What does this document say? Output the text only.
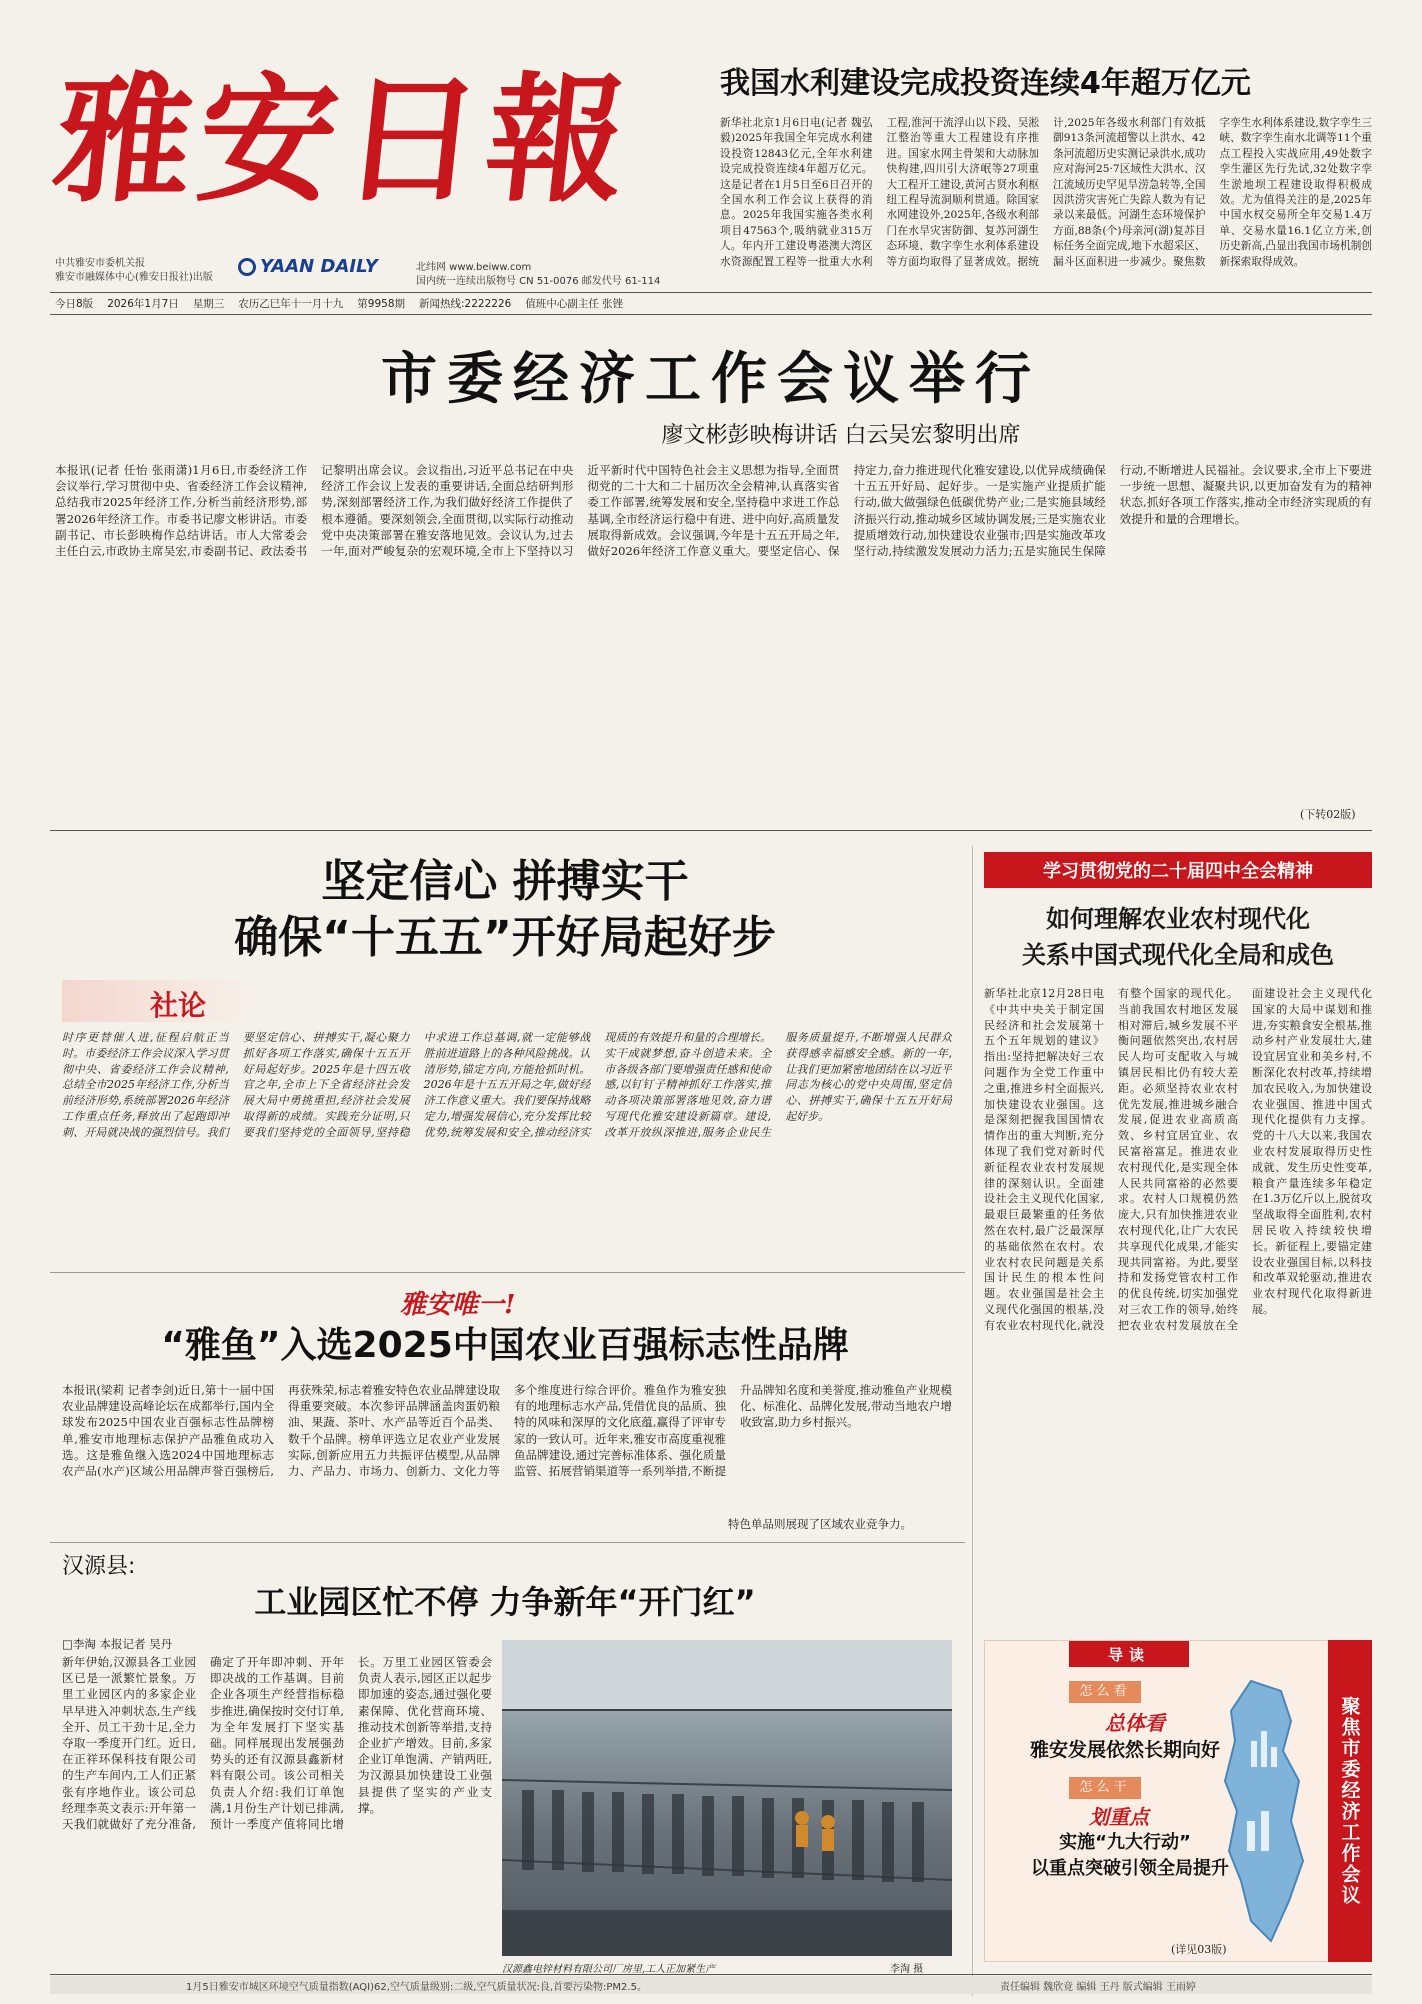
雅安日報
中共雅安市委机关报
雅安市融媒体中心(雅安日报社)出版
YAAN DAILY	北纬网 www.beiww.com
国内统一连续出版物号 CN 51-0076 邮发代号 61-114
今日8版 2026年1月7日 星期三 农历乙巳年十一月十九 第9958期 新闻热线:2222226 值班中心副主任 张锉
我国水利建设完成投资连续4年超万亿元
新华社北京1月6日电(记者 魏弘毅)2025年我国全年完成水利建设投资12843亿元,全年水利建设完成投资连续4年超万亿元。这是记者在1月5日至6日召开的全国水利工作会议上获得的消息。2025年我国实施各类水利项目47563个,吸纳就业315万人。年内开工建设粤港澳大湾区水资源配置工程等一批重大水利工程,淮河干流浮山以下段、吴淞江整治等重大工程建设有序推进。国家水网主骨架和大动脉加快构建,四川引大济岷等27项重大工程开工建设,黄河古贤水利枢纽工程导流洞顺利贯通。除国家水网建设外,2025年,各级水利部门在水旱灾害防御、复苏河湖生态环境、数字孪生水利体系建设等方面均取得了显著成效。据统计,2025年各级水利部门有效抵御913条河流超警以上洪水、42条河流超历史实测记录洪水,成功应对海河25·7区域性大洪水、汉江流域历史罕见旱涝急转等,全国因洪涝灾害死亡失踪人数为有记录以来最低。河湖生态环境保护方面,88条(个)母亲河(湖)复苏目标任务全面完成,地下水超采区、漏斗区面积进一步减少。聚焦数字孪生水利体系建设,数字孪生三峡、数字孪生南水北调等11个重点工程投入实战应用,49处数字孪生灌区先行先试,32处数字孪生淤地坝工程建设取得积极成效。尤为值得关注的是,2025年中国水权交易所全年交易1.4万单、交易水量16.1亿立方米,创历史新高,凸显出我国市场机制创新探索取得成效。
市委经济工作会议举行
廖文彬彭映梅讲话 白云吴宏黎明出席
本报讯(记者 任怡 张雨潇)1月6日,市委经济工作会议举行,学习贯彻中央、省委经济工作会议精神,总结我市2025年经济工作,分析当前经济形势,部署2026年经济工作。市委书记廖文彬讲话。市委副书记、市长彭映梅作总结讲话。市人大常委会主任白云,市政协主席吴宏,市委副书记、政法委书记黎明出席会议。会议指出,习近平总书记在中央经济工作会议上发表的重要讲话,全面总结研判形势,深刻部署经济工作,为我们做好经济工作提供了根本遵循。要深刻领会,全面贯彻,以实际行动推动党中央决策部署在雅安落地见效。会议认为,过去一年,面对严峻复杂的宏观环境,全市上下坚持以习近平新时代中国特色社会主义思想为指导,全面贯彻党的二十大和二十届历次全会精神,认真落实省委工作部署,统筹发展和安全,坚持稳中求进工作总基调,全市经济运行稳中有进、进中向好,高质量发展取得新成效。会议强调,今年是十五五开局之年,做好2026年经济工作意义重大。要坚定信心、保持定力,奋力推进现代化雅安建设,以优异成绩确保十五五开好局、起好步。一是实施产业提质扩能行动,做大做强绿色低碳优势产业;二是实施县域经济振兴行动,推动城乡区域协调发展;三是实施农业提质增效行动,加快建设农业强市;四是实施改革攻坚行动,持续激发发展动力活力;五是实施民生保障行动,不断增进人民福祉。会议要求,全市上下要进一步统一思想、凝聚共识,以更加奋发有为的精神状态,抓好各项工作落实,推动全市经济实现质的有效提升和量的合理增长。
(下转02版)
坚定信心 拼搏实干
确保“十五五”开好局起好步
社论
时序更替催人进,征程启航正当时。市委经济工作会议深入学习贯彻中央、省委经济工作会议精神,总结全市2025年经济工作,分析当前经济形势,系统部署2026年经济工作重点任务,释放出了起跑即冲刺、开局就决战的强烈信号。我们要坚定信心、拼搏实干,凝心聚力抓好各项工作落实,确保十五五开好局起好步。2025年是十四五收官之年,全市上下全省经济社会发展大局中勇挑重担,经济社会发展取得新的成绩。实践充分证明,只要我们坚持党的全面领导,坚持稳中求进工作总基调,就一定能够战胜前进道路上的各种风险挑战。认清形势,锚定方向,方能抢抓时机。2026年是十五五开局之年,做好经济工作意义重大。我们要保持战略定力,增强发展信心,充分发挥比较优势,统筹发展和安全,推动经济实现质的有效提升和量的合理增长。实干成就梦想,奋斗创造未来。全市各级各部门要增强责任感和使命感,以钉钉子精神抓好工作落实,推动各项决策部署落地见效,奋力谱写现代化雅安建设新篇章。建设,改革开放纵深推进,服务企业民生服务质量提升,不断增强人民群众获得感幸福感安全感。新的一年,让我们更加紧密地团结在以习近平同志为核心的党中央周围,坚定信心、拼搏实干,确保十五五开好局起好步。
学习贯彻党的二十届四中全会精神
如何理解农业农村现代化
关系中国式现代化全局和成色
新华社北京12月28日电《中共中央关于制定国民经济和社会发展第十五个五年规划的建议》指出:坚持把解决好三农问题作为全党工作重中之重,推进乡村全面振兴,加快建设农业强国。这是深刻把握我国国情农情作出的重大判断,充分体现了我们党对新时代新征程农业农村发展规律的深刻认识。全面建设社会主义现代化国家,最艰巨最繁重的任务依然在农村,最广泛最深厚的基础依然在农村。农业农村农民问题是关系国计民生的根本性问题。农业强国是社会主义现代化强国的根基,没有农业农村现代化,就没有整个国家的现代化。当前我国农村地区发展相对滞后,城乡发展不平衡问题依然突出,农村居民人均可支配收入与城镇居民相比仍有较大差距。必须坚持农业农村优先发展,推进城乡融合发展,促进农业高质高效、乡村宜居宜业、农民富裕富足。推进农业农村现代化,是实现全体人民共同富裕的必然要求。农村人口规模仍然庞大,只有加快推进农业农村现代化,让广大农民共享现代化成果,才能实现共同富裕。为此,要坚持和发扬党管农村工作的优良传统,切实加强党对三农工作的领导,始终把农业农村发展放在全面建设社会主义现代化国家的大局中谋划和推进,夯实粮食安全根基,推动乡村产业发展壮大,建设宜居宜业和美乡村,不断深化农村改革,持续增加农民收入,为加快建设农业强国、推进中国式现代化提供有力支撑。党的十八大以来,我国农业农村发展取得历史性成就、发生历史性变革,粮食产量连续多年稳定在1.3万亿斤以上,脱贫攻坚战取得全面胜利,农村居民收入持续较快增长。新征程上,要锚定建设农业强国目标,以科技和改革双轮驱动,推进农业农村现代化取得新进展。
雅安唯一!
“雅鱼”入选2025中国农业百强标志性品牌
本报讯(梁莉 记者李剑)近日,第十一届中国农业品牌建设高峰论坛在成都举行,国内全球发布2025中国农业百强标志性品牌榜单,雅安市地理标志保护产品雅鱼成功入选。这是雅鱼继入选2024中国地理标志农产品(水产)区域公用品牌声誉百强榜后,再获殊荣,标志着雅安特色农业品牌建设取得重要突破。本次参评品牌涵盖肉蛋奶粮油、果蔬、茶叶、水产品等近百个品类、数千个品牌。榜单评选立足农业产业发展实际,创新应用五力共振评估模型,从品牌力、产品力、市场力、创新力、文化力等多个维度进行综合评价。雅鱼作为雅安独有的地理标志水产品,凭借优良的品质、独特的风味和深厚的文化底蕴,赢得了评审专家的一致认可。近年来,雅安市高度重视雅鱼品牌建设,通过完善标准体系、强化质量监管、拓展营销渠道等一系列举措,不断提升品牌知名度和美誉度,推动雅鱼产业规模化、标准化、品牌化发展,带动当地农户增收致富,助力乡村振兴。
特色单品则展现了区域农业竞争力。
汉源县:
工业园区忙不停 力争新年“开门红”
□李淘 本报记者 吴丹
新年伊始,汉源县各工业园区已是一派繁忙景象。万里工业园区内的多家企业早早进入冲刺状态,生产线全开、员工干劲十足,全力夺取一季度开门红。近日,在正祥环保科技有限公司的生产车间内,工人们正紧张有序地作业。该公司总经理李英文表示:开年第一天我们就做好了充分准备,确定了开年即冲刺、开年即决战的工作基调。目前企业各项生产经营指标稳步推进,确保按时交付订单,为全年发展打下坚实基础。同样展现出发展强劲势头的还有汉源县鑫新材料有限公司。该公司相关负责人介绍:我们订单饱满,1月份生产计划已排满,预计一季度产值将同比增长。万里工业园区管委会负责人表示,园区正以起步即加速的姿态,通过强化要素保障、优化营商环境、推动技术创新等举措,支持企业扩产增效。目前,多家企业订单饱满、产销两旺,为汉源县加快建设工业强县提供了坚实的产业支撑。
汉源鑫电锌材料有限公司厂房里,工人正加紧生产	李淘 摄
导读
怎么看
总体看
雅安发展依然长期向好
怎么干
划重点
实施“九大行动”
以重点突破引领全局提升
(详见03版)
聚焦市委经济工作会议
1月5日雅安市城区环境空气质量指数(AQI)62,空气质量级别:二级,空气质量状况:良,首要污染物:PM2.5。	责任编辑 魏欣竟 编辑 王丹 版式编辑 王雨婷
